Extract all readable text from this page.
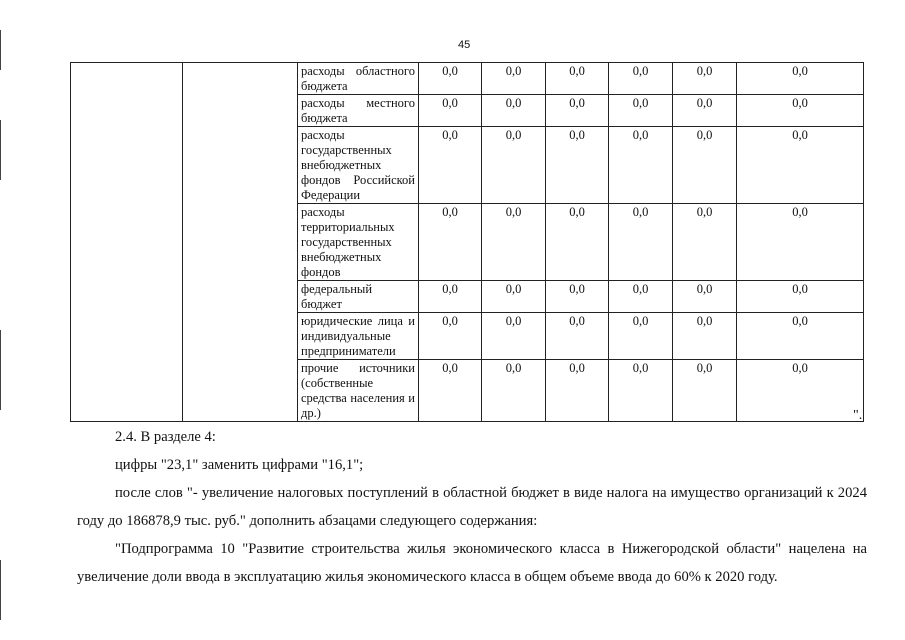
45
		расходы областного бюджета	0,0	0,0	0,0	0,0	0,0	0,0
		расходы местного бюджета	0,0	0,0	0,0	0,0	0,0	0,0
		расходы государственных внебюджетных фондов Российской Федерации	0,0	0,0	0,0	0,0	0,0	0,0
		расходы территориальных государственных внебюджетных фондов	0,0	0,0	0,0	0,0	0,0	0,0
		федеральный бюджет	0,0	0,0	0,0	0,0	0,0	0,0
		юридические лица и индивидуальные предприниматели	0,0	0,0	0,0	0,0	0,0	0,0
		прочие источники (собственные средства населения и др.)	0,0	0,0	0,0	0,0	0,0	0,0
".

2.4. В разделе 4:

цифры "23,1" заменить цифрами "16,1";

после слов "- увеличение налоговых поступлений в областной бюджет в виде налога на имущество организаций к 2024 году до 186878,9 тыс. руб." дополнить абзацами следующего содержания:

"Подпрограмма 10 "Развитие строительства жилья экономического класса в Нижегородской области" нацелена на увеличение доли ввода в эксплуатацию жилья экономического класса в общем объеме ввода до 60% к 2020 году.
